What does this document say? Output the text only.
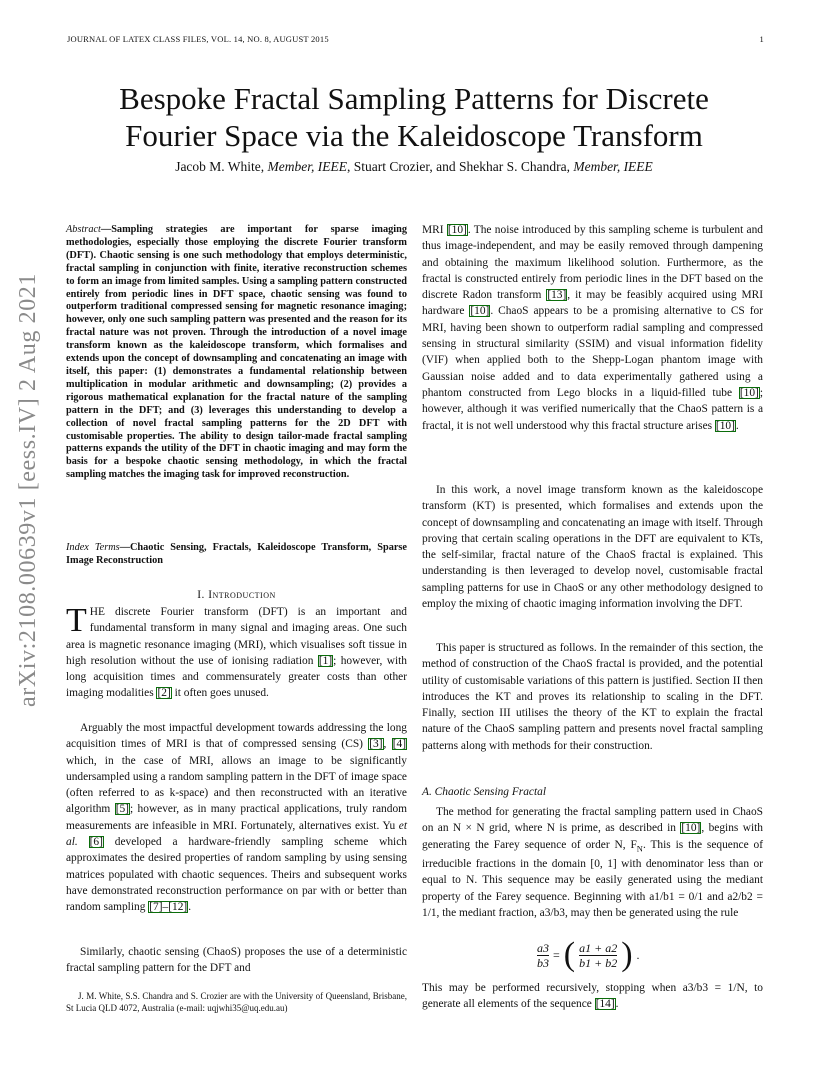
JOURNAL OF LATEX CLASS FILES, VOL. 14, NO. 8, AUGUST 2015	1
Bespoke Fractal Sampling Patterns for Discrete
Fourier Space via the Kaleidoscope Transform
Jacob M. White, Member, IEEE, Stuart Crozier, and Shekhar S. Chandra, Member, IEEE
arXiv:2108.00639v1 [eess.IV] 2 Aug 2021
Abstract—Sampling strategies are important for sparse imaging methodologies, especially those employing the discrete Fourier transform (DFT). Chaotic sensing is one such methodology that employs deterministic, fractal sampling in conjunction with finite, iterative reconstruction schemes to form an image from limited samples. Using a sampling pattern constructed entirely from periodic lines in DFT space, chaotic sensing was found to outperform traditional compressed sensing for magnetic resonance imaging; however, only one such sampling pattern was presented and the reason for its fractal nature was not proven. Through the introduction of a novel image transform known as the kaleidoscope transform, which formalises and extends upon the concept of downsampling and concatenating an image with itself, this paper: (1) demonstrates a fundamental relationship between multiplication in modular arithmetic and downsampling; (2) provides a rigorous mathematical explanation for the fractal nature of the sampling pattern in the DFT; and (3) leverages this understanding to develop a collection of novel fractal sampling patterns for the 2D DFT with customisable properties. The ability to design tailor-made fractal sampling patterns expands the utility of the DFT in chaotic imaging and may form the basis for a bespoke chaotic sensing methodology, in which the fractal sampling matches the imaging task for improved reconstruction.
Index Terms—Chaotic Sensing, Fractals, Kaleidoscope Transform, Sparse Image Reconstruction
I. Introduction
THE discrete Fourier transform (DFT) is an important and fundamental transform in many signal and imaging areas. One such area is magnetic resonance imaging (MRI), which visualises soft tissue in high resolution without the use of ionising radiation [1]; however, with long acquisition times and commensurately greater costs than other imaging modalities [2] it often goes unused.
Arguably the most impactful development towards addressing the long acquisition times of MRI is that of compressed sensing (CS) [3], [4] which, in the case of MRI, allows an image to be significantly undersampled using a random sampling pattern in the DFT of image space (often referred to as k-space) and then reconstructed with an iterative algorithm [5]; however, as in many practical applications, truly random measurements are infeasible in MRI. Fortunately, alternatives exist. Yu et al. [6] developed a hardware-friendly sampling scheme which approximates the desired properties of random sampling by using sensing matrices populated with chaotic sequences. Theirs and subsequent works have demonstrated reconstruction performance on par with or better than random sampling [7]–[12].
Similarly, chaotic sensing (ChaoS) proposes the use of a deterministic fractal sampling pattern for the DFT and
J. M. White, S.S. Chandra and S. Crozier are with the University of Queensland, Brisbane, St Lucia QLD 4072, Australia (e-mail: uqjwhi35@uq.edu.au)
MRI [10]. The noise introduced by this sampling scheme is turbulent and thus image-independent, and may be easily removed through dampening and obtaining the maximum likelihood solution. Furthermore, as the fractal is constructed entirely from periodic lines in the DFT based on the discrete Radon transform [13], it may be feasibly acquired using MRI hardware [10]. ChaoS appears to be a promising alternative to CS for MRI, having been shown to outperform radial sampling and compressed sensing in structural similarity (SSIM) and visual information fidelity (VIF) when applied both to the Shepp-Logan phantom image with Gaussian noise added and to data experimentally gathered using a phantom constructed from Lego blocks in a liquid-filled tube [10]; however, although it was verified numerically that the ChaoS pattern is a fractal, it is not well understood why this fractal structure arises [10].
In this work, a novel image transform known as the kaleidoscope transform (KT) is presented, which formalises and extends upon the concept of downsampling and concatenating an image with itself. Through proving that certain scaling operations in the DFT are equivalent to KTs, the self-similar, fractal nature of the ChaoS fractal is explained. This understanding is then leveraged to develop novel, customisable fractal sampling patterns for use in ChaoS or any other methodology designed to employ the mixing of chaotic imaging information involving the DFT.
This paper is structured as follows. In the remainder of this section, the method of construction of the ChaoS fractal is provided, and the potential utility of customisable variations of this pattern is justified. Section II then introduces the KT and proves its relationship to scaling in the DFT. Finally, section III utilises the theory of the KT to explain the fractal nature of the ChaoS sampling pattern and presents novel fractal sampling patterns along with methods for their construction.
A. Chaotic Sensing Fractal
The method for generating the fractal sampling pattern used in ChaoS on an N × N grid, where N is prime, as described in [10], begins with generating the Farey sequence of order N, $F_N$. This is the sequence of irreducible fractions in the domain [0, 1] with denominator less than or equal to N. This sequence may be easily generated using the mediant property of the Farey sequence. Beginning with a1/b1 = 0/1 and a2/b2 = 1/1, the mediant fraction, a3/b3, may then be generated using the rule
$\frac{a3}{b3}$ = ( $\frac{a1 + a2}{b1 + b2}$ ) .
This may be performed recursively, stopping when a3/b3 = 1/N, to generate all elements of the sequence [14].
